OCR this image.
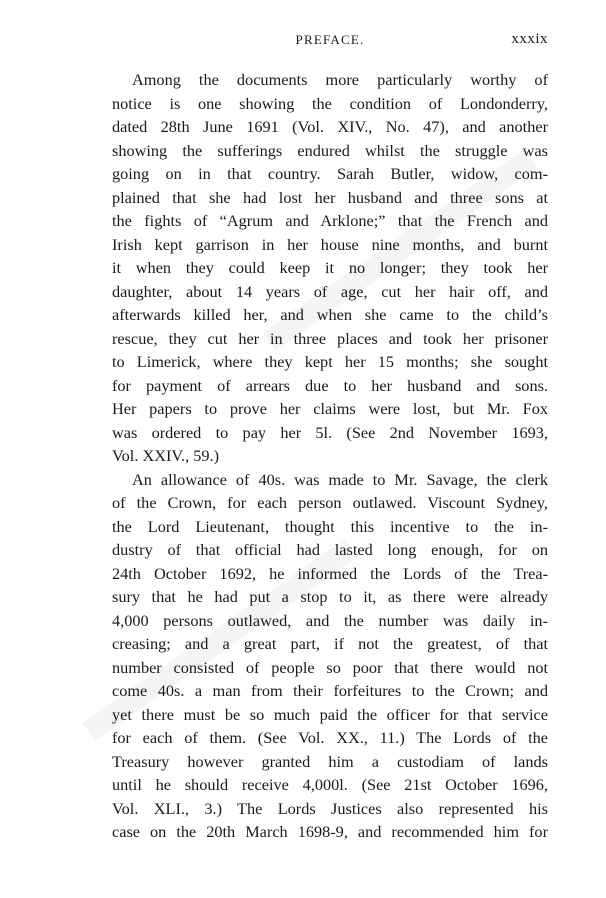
PREFACE.	xxxix
Among the documents more particularly worthy of
notice is one showing the condition of Londonderry,
dated 28th June 1691 (Vol. XIV., No. 47), and another
showing the sufferings endured whilst the struggle was
going on in that country. Sarah Butler, widow, com-
plained that she had lost her husband and three sons at
the fights of “Agrum and Arklone;” that the French and
Irish kept garrison in her house nine months, and burnt
it when they could keep it no longer; they took her
daughter, about 14 years of age, cut her hair off, and
afterwards killed her, and when she came to the child’s
rescue, they cut her in three places and took her prisoner
to Limerick, where they kept her 15 months; she sought
for payment of arrears due to her husband and sons.
Her papers to prove her claims were lost, but Mr. Fox
was ordered to pay her 5l. (See 2nd November 1693,
Vol. XXIV., 59.)
An allowance of 40s. was made to Mr. Savage, the clerk
of the Crown, for each person outlawed. Viscount Sydney,
the Lord Lieutenant, thought this incentive to the in-
dustry of that official had lasted long enough, for on
24th October 1692, he informed the Lords of the Trea-
sury that he had put a stop to it, as there were already
4,000 persons outlawed, and the number was daily in-
creasing; and a great part, if not the greatest, of that
number consisted of people so poor that there would not
come 40s. a man from their forfeitures to the Crown; and
yet there must be so much paid the officer for that service
for each of them. (See Vol. XX., 11.) The Lords of the
Treasury however granted him a custodiam of lands
until he should receive 4,000l. (See 21st October 1696,
Vol. XLI., 3.) The Lords Justices also represented his
case on the 20th March 1698-9, and recommended him for
